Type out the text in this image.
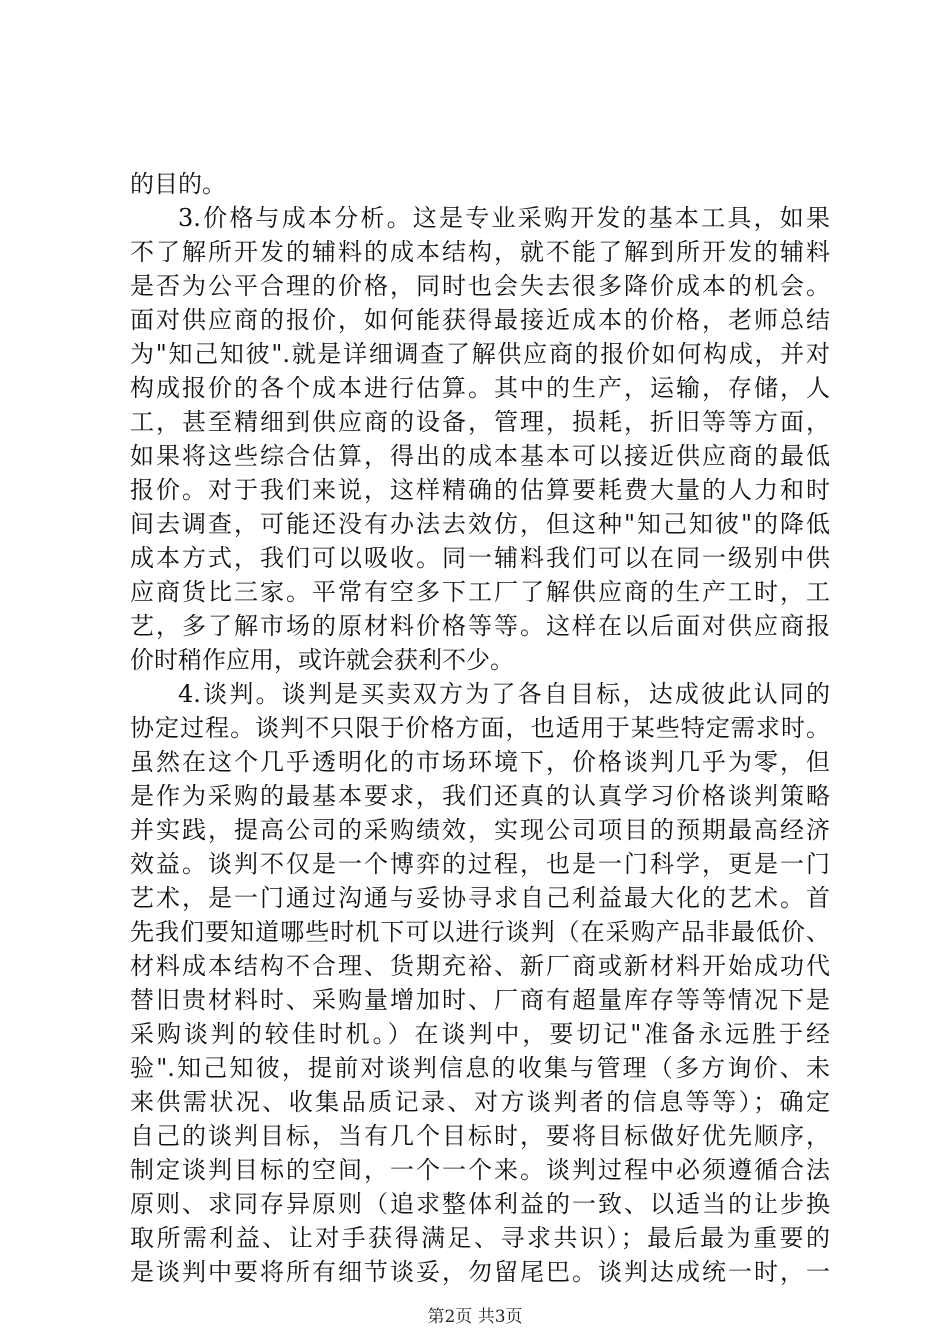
的目的。
3.价格与成本分析。这是专业采购开发的基本工具，如果
不了解所开发的辅料的成本结构，就不能了解到所开发的辅料
是否为公平合理的价格，同时也会失去很多降价成本的机会。
面对供应商的报价，如何能获得最接近成本的价格，老师总结
为"知己知彼".就是详细调查了解供应商的报价如何构成，并对
构成报价的各个成本进行估算。其中的生产，运输，存储，人
工，甚至精细到供应商的设备，管理，损耗，折旧等等方面，
如果将这些综合估算，得出的成本基本可以接近供应商的最低
报价。对于我们来说，这样精确的估算要耗费大量的人力和时
间去调查，可能还没有办法去效仿，但这种"知己知彼"的降低
成本方式，我们可以吸收。同一辅料我们可以在同一级别中供
应商货比三家。平常有空多下工厂了解供应商的生产工时，工
艺，多了解市场的原材料价格等等。这样在以后面对供应商报
价时稍作应用，或许就会获利不少。
4.谈判。谈判是买卖双方为了各自目标，达成彼此认同的
协定过程。谈判不只限于价格方面，也适用于某些特定需求时。
虽然在这个几乎透明化的市场环境下，价格谈判几乎为零，但
是作为采购的最基本要求，我们还真的认真学习价格谈判策略
并实践，提高公司的采购绩效，实现公司项目的预期最高经济
效益。谈判不仅是一个博弈的过程，也是一门科学，更是一门
艺术，是一门通过沟通与妥协寻求自己利益最大化的艺术。首
先我们要知道哪些时机下可以进行谈判（在采购产品非最低价、
材料成本结构不合理、货期充裕、新厂商或新材料开始成功代
替旧贵材料时、采购量增加时、厂商有超量库存等等情况下是
采购谈判的较佳时机。）在谈判中，要切记"准备永远胜于经
验".知己知彼，提前对谈判信息的收集与管理（多方询价、未
来供需状况、收集品质记录、对方谈判者的信息等等）；确定
自己的谈判目标，当有几个目标时，要将目标做好优先顺序，
制定谈判目标的空间，一个一个来。谈判过程中必须遵循合法
原则、求同存异原则（追求整体利益的一致、以适当的让步换
取所需利益、让对手获得满足、寻求共识）；最后最为重要的
是谈判中要将所有细节谈妥，勿留尾巴。谈判达成统一时，一
第2页 共3页
